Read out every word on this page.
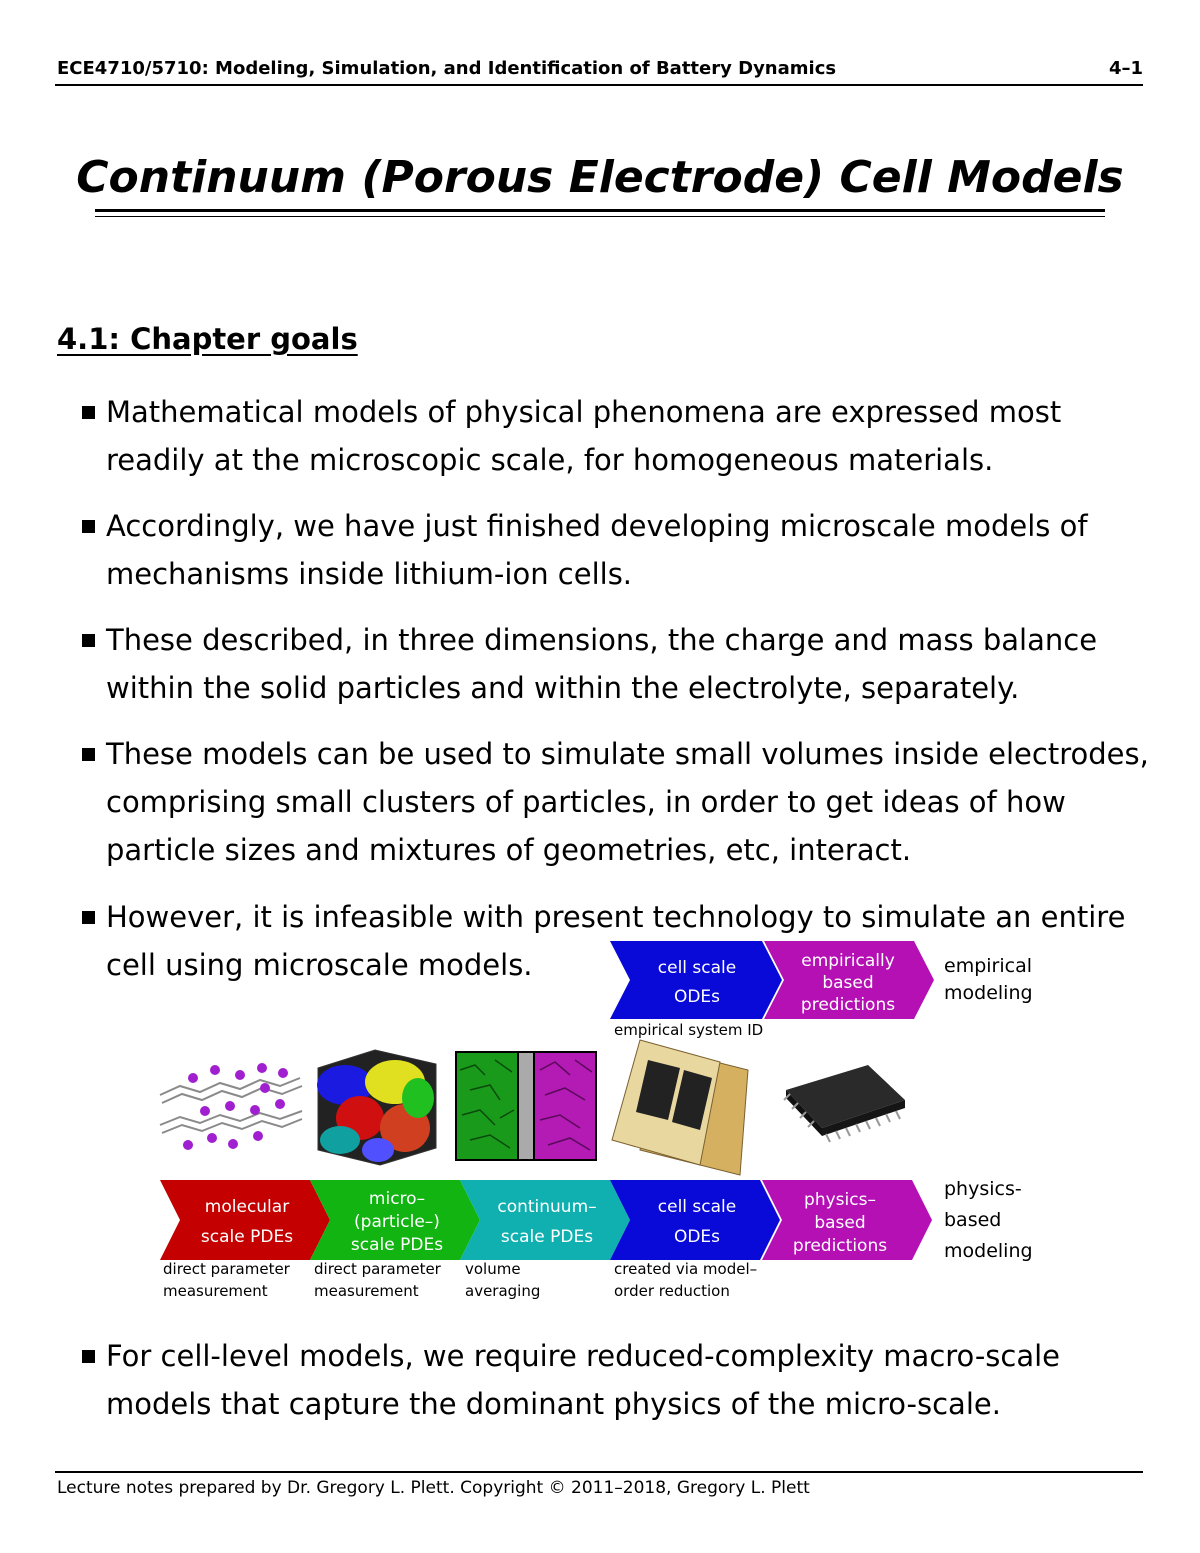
ECE4710/5710: Modeling, Simulation, and Identification of Battery Dynamics	4–1
Continuum (Porous Electrode) Cell Models
4.1: Chapter goals
Mathematical models of physical phenomena are expressed most readily at the microscopic scale, for homogeneous materials.
Accordingly, we have just finished developing microscale models of mechanisms inside lithium-ion cells.
These described, in three dimensions, the charge and mass balance within the solid particles and within the electrolyte, separately.
These models can be used to simulate small volumes inside electrodes, comprising small clusters of particles, in order to get ideas of how particle sizes and mixtures of geometries, etc, interact.
However, it is infeasible with present technology to simulate an entire
cell using microscale models.
For cell-level models, we require reduced-complexity macro-scale models that capture the dominant physics of the micro-scale.
cell scale
ODEs
empirically
based
predictions
empirical
modeling
empirical system ID
molecular
scale PDEs
micro–
(particle–)
scale PDEs
continuum–
scale PDEs
cell scale
ODEs
physics–
based
predictions
direct parameter
measurement
direct parameter
measurement
volume
averaging
created via model–
order reduction
physics-
based
modeling
Lecture notes prepared by Dr. Gregory L. Plett. Copyright © 2011–2018, Gregory L. Plett
